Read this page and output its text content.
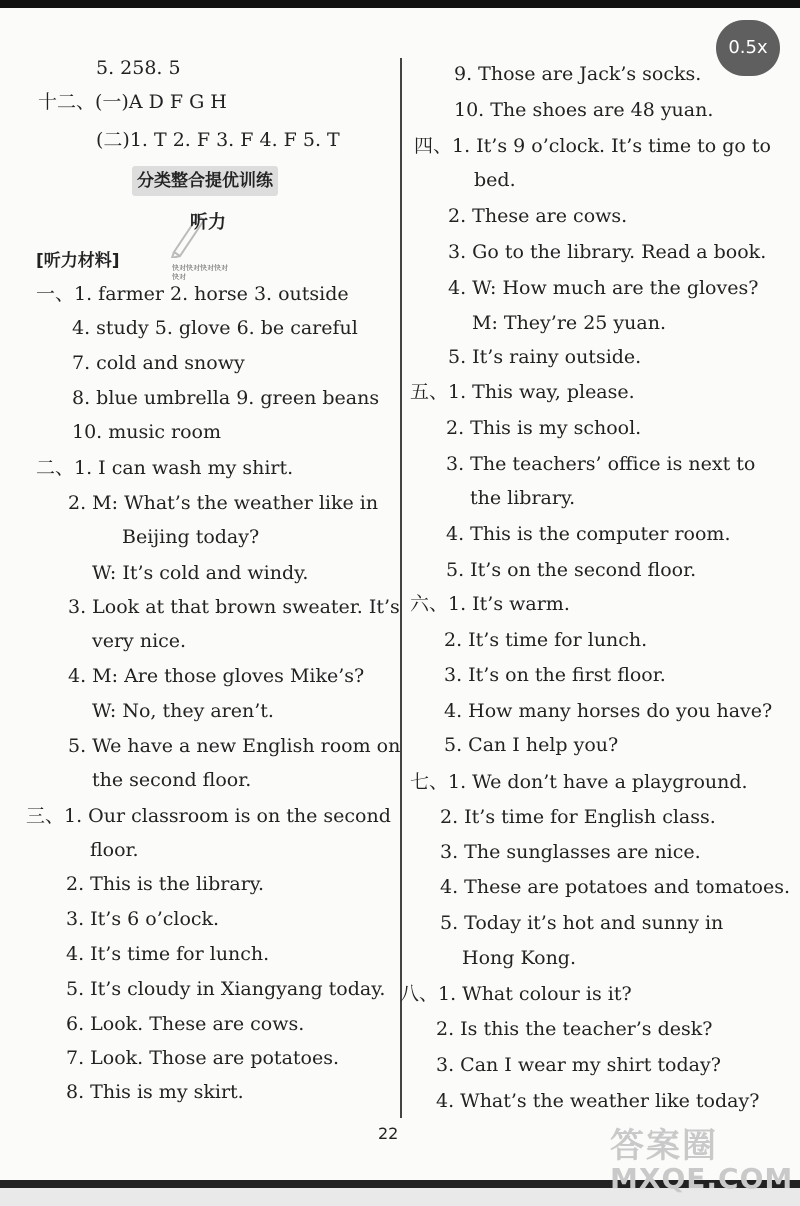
5. 258. 5
十二、(一)A D F G H
(二)1. T 2. F 3. F 4. F 5. T
分类整合提优训练
听力
[听力材料]	快对快对快对快对快对
一、1. farmer 2. horse 3. outside
4. study 5. glove 6. be careful
7. cold and snowy
8. blue umbrella 9. green beans
10. music room
二、1. I can wash my shirt.
2. M: What’s the weather like in
Beijing today?
W: It’s cold and windy.
3. Look at that brown sweater. It’s
very nice.
4. M: Are those gloves Mike’s?
W: No, they aren’t.
5. We have a new English room on
the second floor.
三、1. Our classroom is on the second
floor.
2. This is the library.
3. It’s 6 o’clock.
4. It’s time for lunch.
5. It’s cloudy in Xiangyang today.
6. Look. These are cows.
7. Look. Those are potatoes.
8. This is my skirt.
9. Those are Jack’s socks.
10. The shoes are 48 yuan.
四、1. It’s 9 o’clock. It’s time to go to
bed.
2. These are cows.
3. Go to the library. Read a book.
4. W: How much are the gloves?
M: They’re 25 yuan.
5. It’s rainy outside.
五、1. This way, please.
2. This is my school.
3. The teachers’ office is next to
the library.
4. This is the computer room.
5. It’s on the second floor.
六、1. It’s warm.
2. It’s time for lunch.
3. It’s on the first floor.
4. How many horses do you have?
5. Can I help you?
七、1. We don’t have a playground.
2. It’s time for English class.
3. The sunglasses are nice.
4. These are potatoes and tomatoes.
5. Today it’s hot and sunny in
Hong Kong.
八、1. What colour is it?
2. Is this the teacher’s desk?
3. Can I wear my shirt today?
4. What’s the weather like today?
22
0.5x
答案圈
MXQE.COM
